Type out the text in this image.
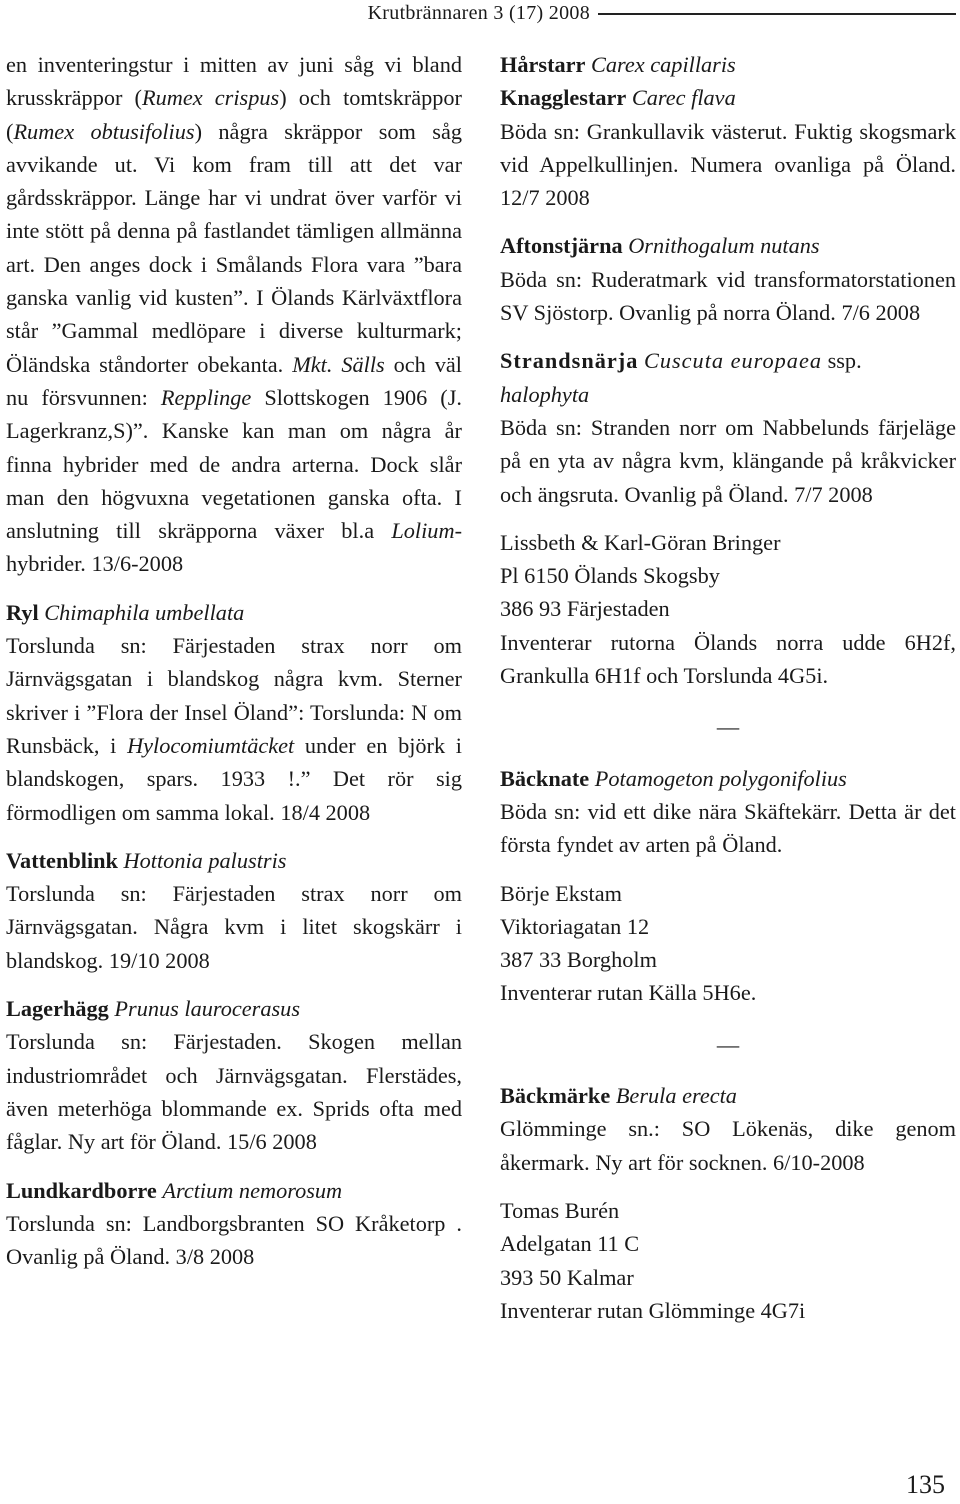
Krutbrännaren 3 (17) 2008

en inventeringstur i mitten av juni såg vi bland krusskräppor (Rumex crispus) och tomtskräppor (Rumex obtusifolius) några skräppor som såg avvikande ut. Vi kom fram till att det var gårdsskräppor. Länge har vi undrat över varför vi inte stött på denna på fastlandet tämligen allmänna art. Den anges dock i Smålands Flora vara ”bara ganska vanlig vid kusten”. I Ölands Kärlväxtflora står ”Gammal medlöpare i diverse kulturmark; Öländska ståndorter obekanta. Mkt. Sälls och väl nu försvunnen: Repplinge Slottskogen 1906 (J. Lagerkranz,S)”. Kanske kan man om några år finna hybrider med de andra arterna. Dock slår man den högvuxna vegetationen ganska ofta. I anslutning till skräpporna växer bl.a Lolium-hybrider. 13/6-2008

Ryl Chimaphila umbellata
Torslunda sn: Färjestaden strax norr om Järnvägsgatan i blandskog några kvm. Sterner skriver i ”Flora der Insel Öland”: Torslunda: N om Runsbäck, i Hylocomiumtäcket under en björk i blandskogen, spars. 1933 !.” Det rör sig förmodligen om samma lokal. 18/4 2008

Vattenblink Hottonia palustris
Torslunda sn: Färjestaden strax norr om Järnvägsgatan. Några kvm i litet skogskärr i blandskog. 19/10 2008

Lagerhägg Prunus laurocerasus
Torslunda sn: Färjestaden. Skogen mellan industriområdet och Järnvägsgatan. Flerstädes, även meterhöga blommande ex. Sprids ofta med fåglar. Ny art för Öland. 15/6 2008

Lundkardborre Arctium nemorosum
Torslunda sn: Landborgsbranten SO Kråketorp . Ovanlig på Öland. 3/8 2008

Hårstarr Carex capillaris
Knagglestarr Carec flava
Böda sn: Grankullavik västerut. Fuktig skogsmark vid Appelkullinjen. Numera ovanliga på Öland. 12/7 2008

Aftonstjärna Ornithogalum nutans
Böda sn: Ruderatmark vid transformatorstationen SV Sjöstorp. Ovanlig på norra Öland. 7/6 2008

Strandsnärja Cuscuta europaea ssp.
halophyta
Böda sn: Stranden norr om Nabbelunds färjeläge på en yta av några kvm, klängande på kråkvicker och ängsruta. Ovanlig på Öland. 7/7 2008

Lissbeth & Karl-Göran Bringer
Pl 6150 Ölands Skogsby
386 93 Färjestaden

Inventerar rutorna Ölands norra udde 6H2f, Grankulla 6H1f och Torslunda 4G5i.

—

Bäcknate Potamogeton polygonifolius
Böda sn: vid ett dike nära Skäftekärr. Detta är det första fyndet av arten på Öland.

Börje Ekstam
Viktoriagatan 12
387 33 Borgholm
Inventerar rutan Källa 5H6e.

—

Bäckmärke Berula erecta
Glömminge sn.: SO Lökenäs, dike genom åkermark. Ny art för socknen. 6/10-2008

Tomas Burén
Adelgatan 11 C
393 50 Kalmar
Inventerar rutan Glömminge 4G7i

135
